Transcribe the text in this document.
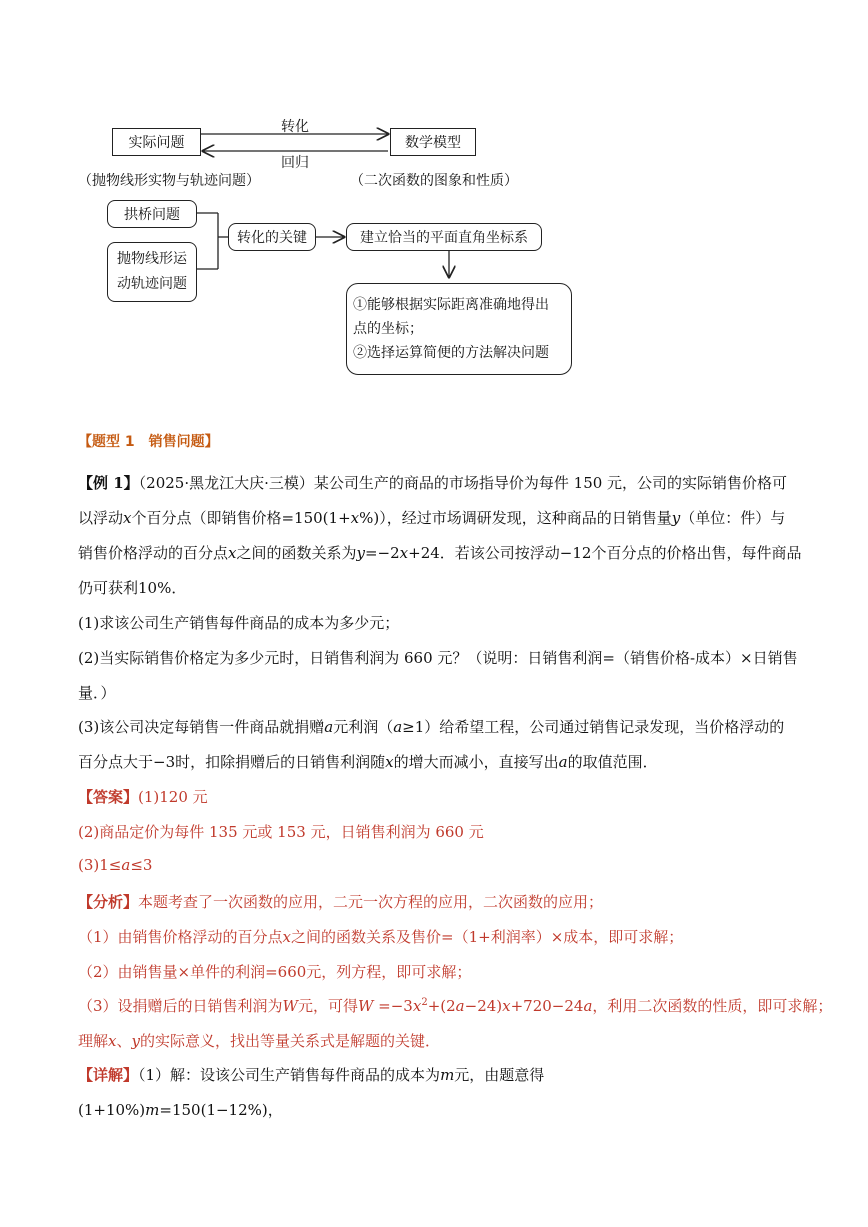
实际问题	数学模型
转化
回归
（抛物线形实物与轨迹问题）	（二次函数的图象和性质）
拱桥问题
抛物线形运
动轨迹问题
转化的关键	建立恰当的平面直角坐标系
①能够根据实际距离准确地得出
点的坐标；
②选择运算简便的方法解决问题
【题型 1　销售问题】
【例 1】（2025·黑龙江大庆·三模）某公司生产的商品的市场指导价为每件 150 元，公司的实际销售价格可
以浮动x个百分点（即销售价格=150(1+x%)），经过市场调研发现，这种商品的日销售量y（单位：件）与
销售价格浮动的百分点x之间的函数关系为y=−2x+24．若该公司按浮动−12个百分点的价格出售，每件商品
仍可获利10%．
(1)求该公司生产销售每件商品的成本为多少元；
(2)当实际销售价格定为多少元时，日销售利润为 660 元？（说明：日销售利润=（销售价格-成本）×日销售
量．）
(3)该公司决定每销售一件商品就捐赠a元利润（a≥1）给希望工程，公司通过销售记录发现，当价格浮动的
百分点大于−3时，扣除捐赠后的日销售利润随x的增大而减小，直接写出a的取值范围．
【答案】(1)120 元
(2)商品定价为每件 135 元或 153 元，日销售利润为 660 元
(3)1≤a≤3
【分析】本题考查了一次函数的应用，二元一次方程的应用，二次函数的应用；
（1）由销售价格浮动的百分点x之间的函数关系及售价=（1+利润率）×成本，即可求解；
（2）由销售量×单件的利润=660元，列方程，即可求解；
（3）设捐赠后的日销售利润为W元，可得$W =-3x^2+(2a-24)x+720-24a$，利用二次函数的性质，即可求解；
理解x、y的实际意义，找出等量关系式是解题的关键．
【详解】（1）解：设该公司生产销售每件商品的成本为m元，由题意得
(1+10%)m=150(1−12%)，
